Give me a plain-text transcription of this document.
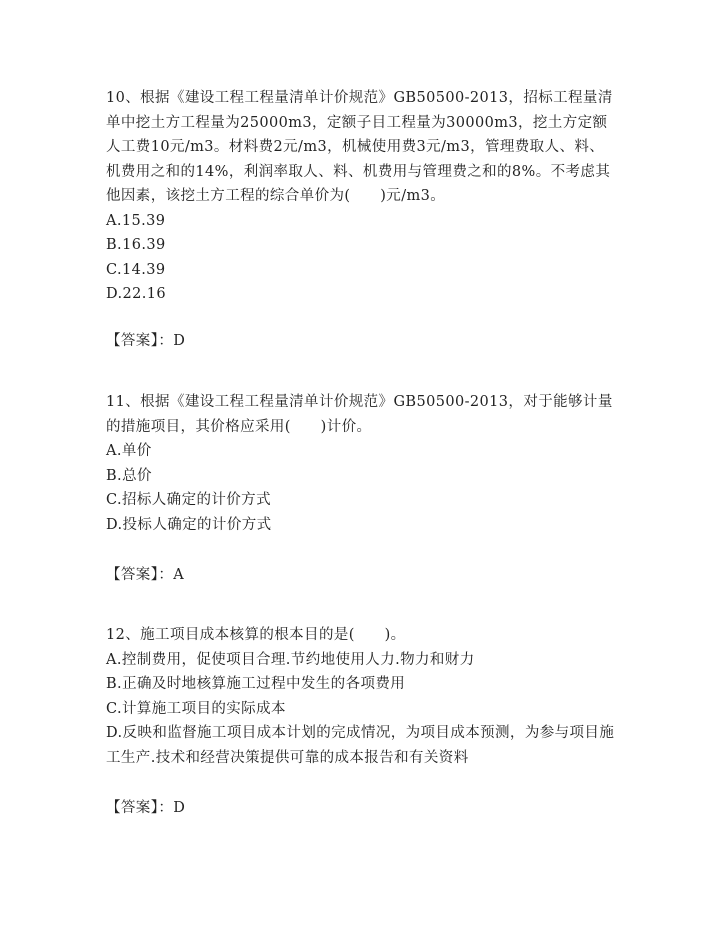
10、根据《建设工程工程量清单计价规范》GB50500-2013，招标工程量清单中挖土方工程量为25000m3，定额子目工程量为30000m3，挖土方定额人工费10元/m3。材料费2元/m3，机械使用费3元/m3，管理费取人、料、机费用之和的14%，利润率取人、料、机费用与管理费之和的8%。不考虑其他因素，该挖土方工程的综合单价为(　　)元/m3。

A.15.39

B.16.39

C.14.39

D.22.16

【答案】：D

11、根据《建设工程工程量清单计价规范》GB50500-2013，对于能够计量的措施项目，其价格应采用(　　)计价。

A.单价

B.总价

C.招标人确定的计价方式

D.投标人确定的计价方式

【答案】：A

12、施工项目成本核算的根本目的是(　　)。

A.控制费用，促使项目合理.节约地使用人力.物力和财力

B.正确及时地核算施工过程中发生的各项费用

C.计算施工项目的实际成本

D.反映和监督施工项目成本计划的完成情况，为项目成本预测，为参与项目施工生产.技术和经营决策提供可靠的成本报告和有关资料

【答案】：D
